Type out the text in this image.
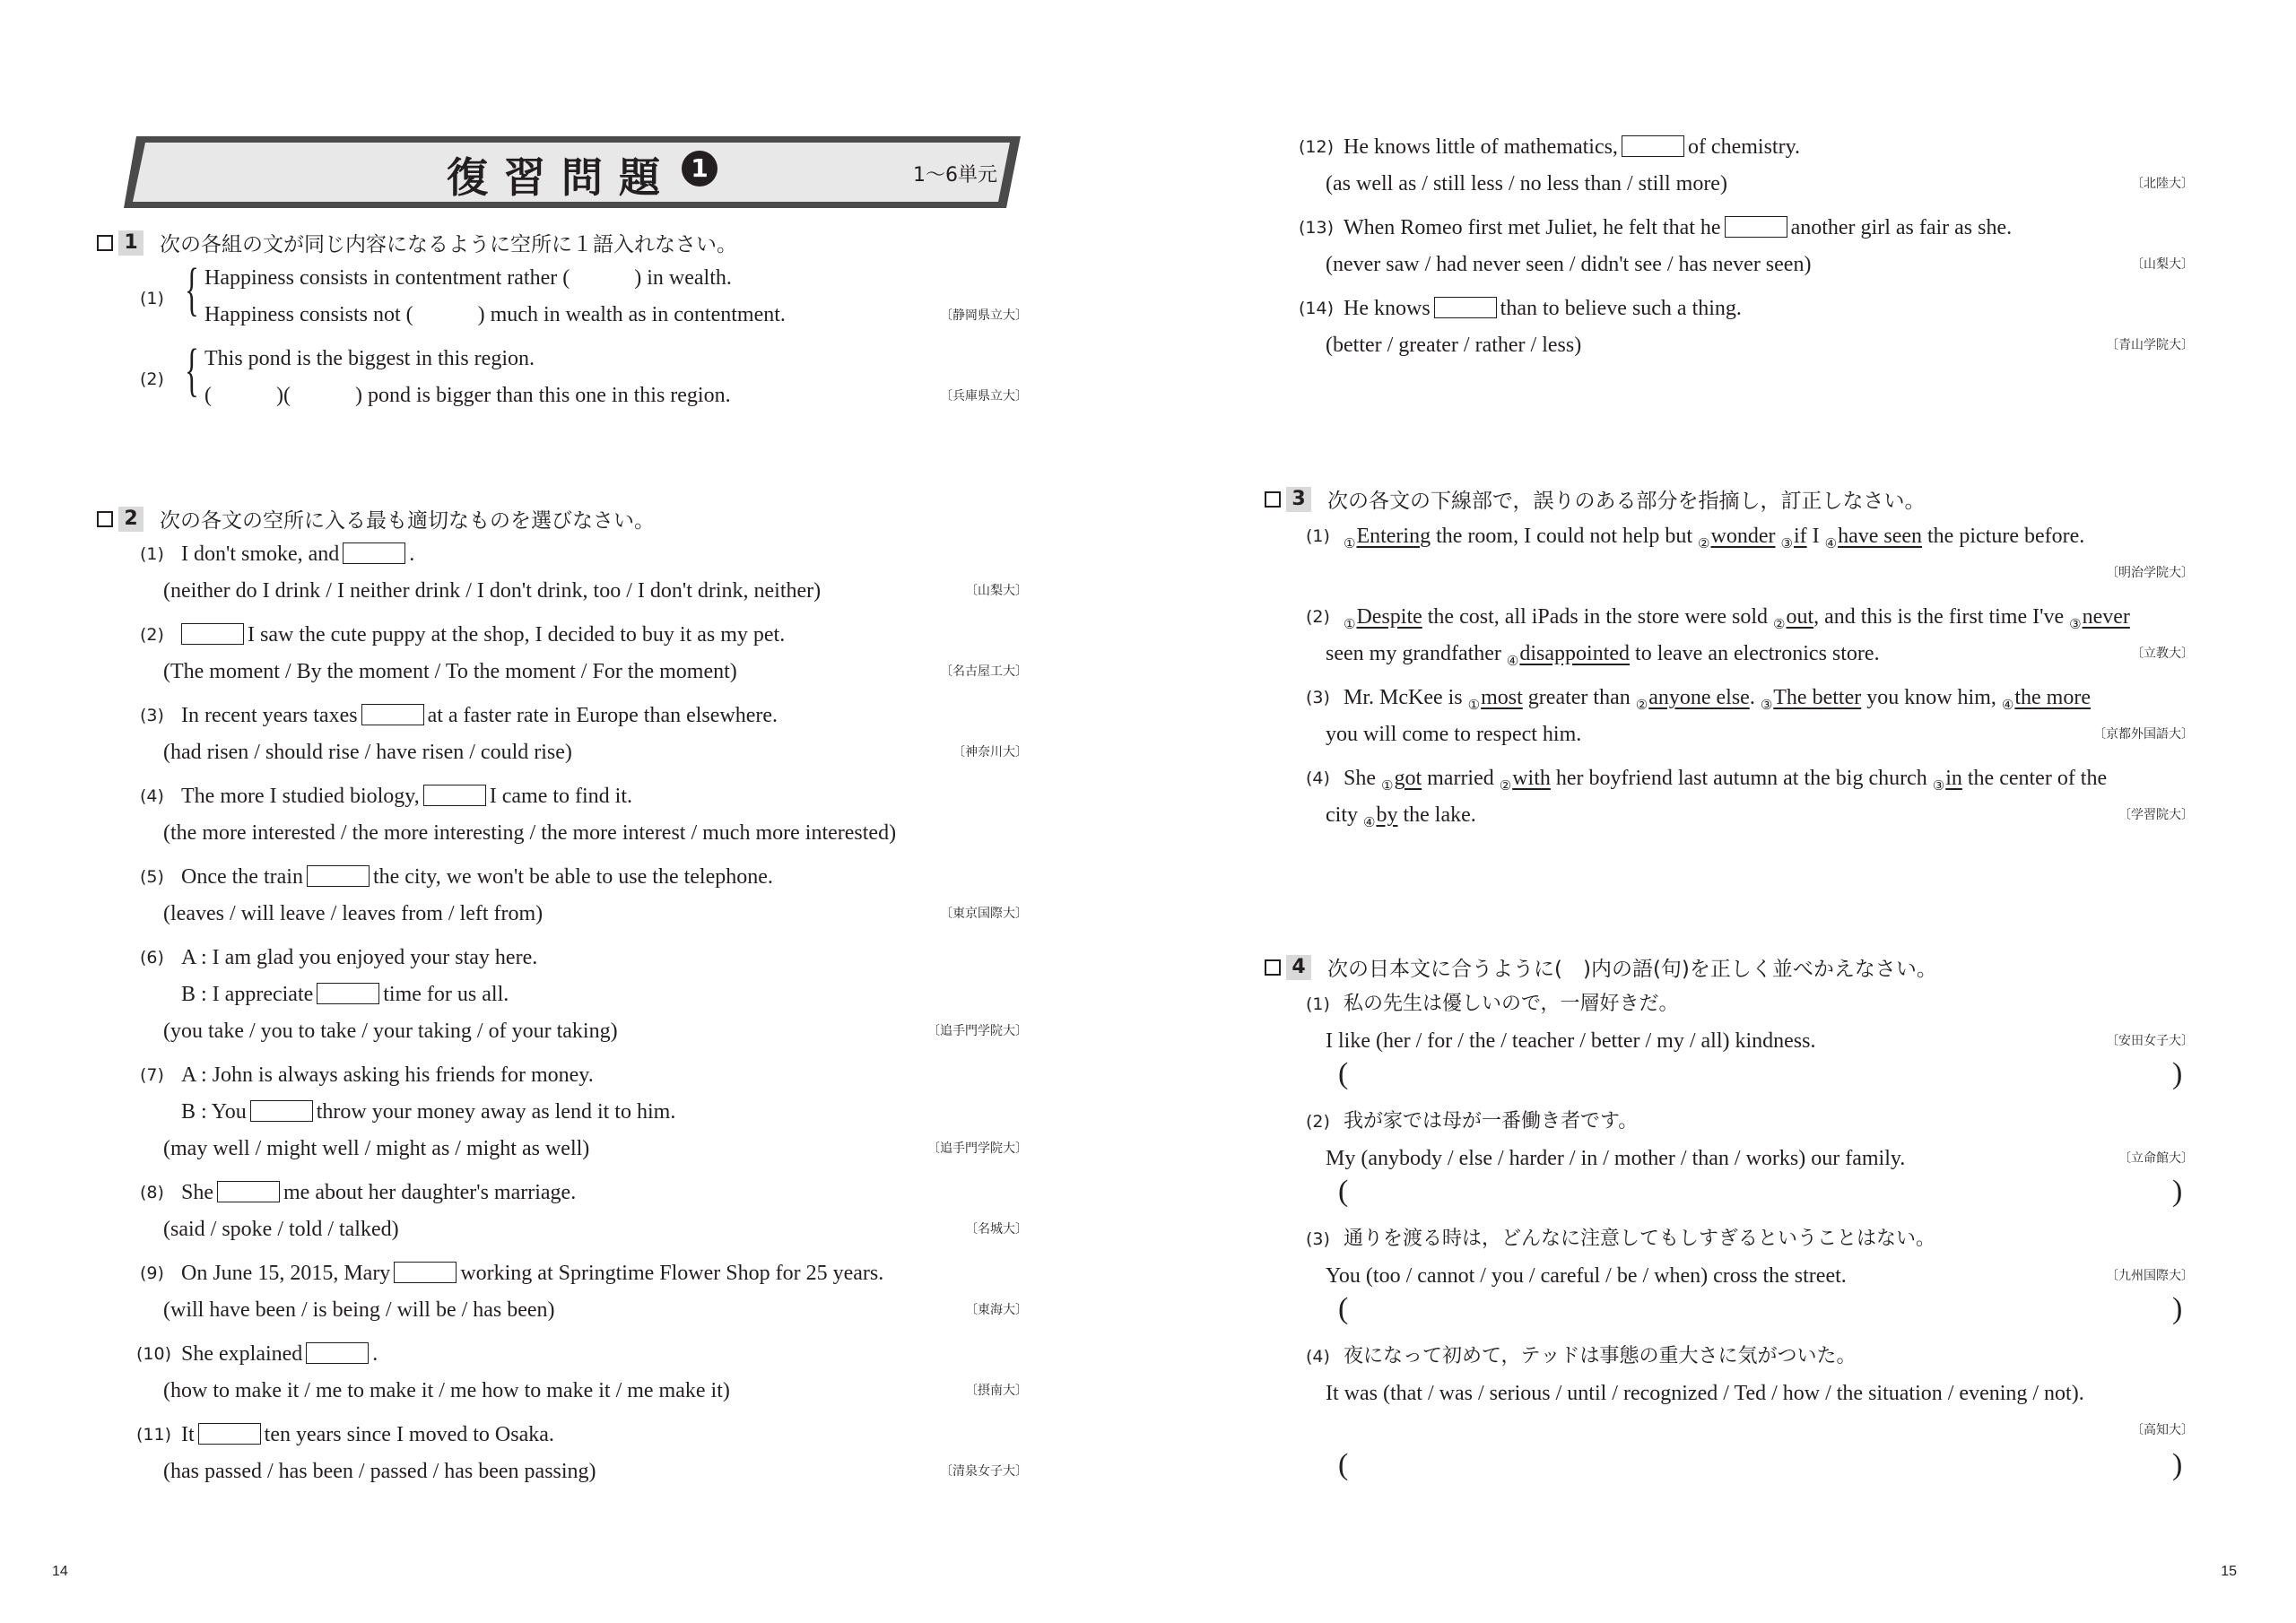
復習問題 1	1〜6単元
1 次の各組の文が同じ内容になるように空所に１語入れなさい。
(1) { Happiness consists in contentment rather (　　　) in wealth.
Happiness consists not (　　　) much in wealth as in contentment.	〔静岡県立大〕
(2) { This pond is the biggest in this region.
(　　　)(　　　) pond is bigger than this one in this region.	〔兵庫県立大〕
2 次の各文の空所に入る最も適切なものを選びなさい。
(1) I don't smoke, and	.
(neither do I drink / I neither drink / I don't drink, too / I don't drink, neither)	〔山梨大〕
(2)	I saw the cute puppy at the shop, I decided to buy it as my pet.
(The moment / By the moment / To the moment / For the moment)	〔名古屋工大〕
(3) In recent years taxes	at a faster rate in Europe than elsewhere.
(had risen / should rise / have risen / could rise)	〔神奈川大〕
(4) The more I studied biology,	I came to find it.
(the more interested / the more interesting / the more interest / much more interested)
(5) Once the train	the city, we won't be able to use the telephone.
(leaves / will leave / leaves from / left from)	〔東京国際大〕
(6) A : I am glad you enjoyed your stay here.
B : I appreciate	time for us all.
(you take / you to take / your taking / of your taking)	〔追手門学院大〕
(7) A : John is always asking his friends for money.
B : You	throw your money away as lend it to him.
(may well / might well / might as / might as well)	〔追手門学院大〕
(8) She	me about her daughter's marriage.
(said / spoke / told / talked)	〔名城大〕
(9) On June 15, 2015, Mary	working at Springtime Flower Shop for 25 years.
(will have been / is being / will be / has been)	〔東海大〕
(10) She explained	.
(how to make it / me to make it / me how to make it / me make it)	〔摂南大〕
(11) It	ten years since I moved to Osaka.
(has passed / has been / passed / has been passing)	〔清泉女子大〕
14
(12) He knows little of mathematics,	of chemistry.
(as well as / still less / no less than / still more)	〔北陸大〕
(13) When Romeo first met Juliet, he felt that he	another girl as fair as she.
(never saw / had never seen / didn't see / has never seen)	〔山梨大〕
(14) He knows	than to believe such a thing.
(better / greater / rather / less)	〔青山学院大〕
3 次の各文の下線部で，誤りのある部分を指摘し，訂正しなさい。
(1) $_①$Entering the room, I could not help but $_②$wonder $_③$if I $_④$have seen the picture before.
〔明治学院大〕
(2) $_①$Despite the cost, all iPads in the store were sold $_②$out, and this is the first time I've $_③$never
seen my grandfather $_④$disappointed to leave an electronics store.	〔立教大〕
(3) Mr. McKee is $_①$most greater than $_②$anyone else. $_③$The better you know him, $_④$the more
you will come to respect him.	〔京都外国語大〕
(4) She $_①$got married $_②$with her boyfriend last autumn at the big church $_③$in the center of the
city $_④$by the lake.	〔学習院大〕
4 次の日本文に合うように(　)内の語(句)を正しく並べかえなさい。
(1) 私の先生は優しいので，一層好きだ。
I like (her / for / the / teacher / better / my / all) kindness.	〔安田女子大〕
(	)
(2) 我が家では母が一番働き者です。
My (anybody / else / harder / in / mother / than / works) our family.	〔立命館大〕
(	)
(3) 通りを渡る時は，どんなに注意してもしすぎるということはない。
You (too / cannot / you / careful / be / when) cross the street.	〔九州国際大〕
(	)
(4) 夜になって初めて，テッドは事態の重大さに気がついた。
It was (that / was / serious / until / recognized / Ted / how / the situation / evening / not).
〔高知大〕
(	)
15
